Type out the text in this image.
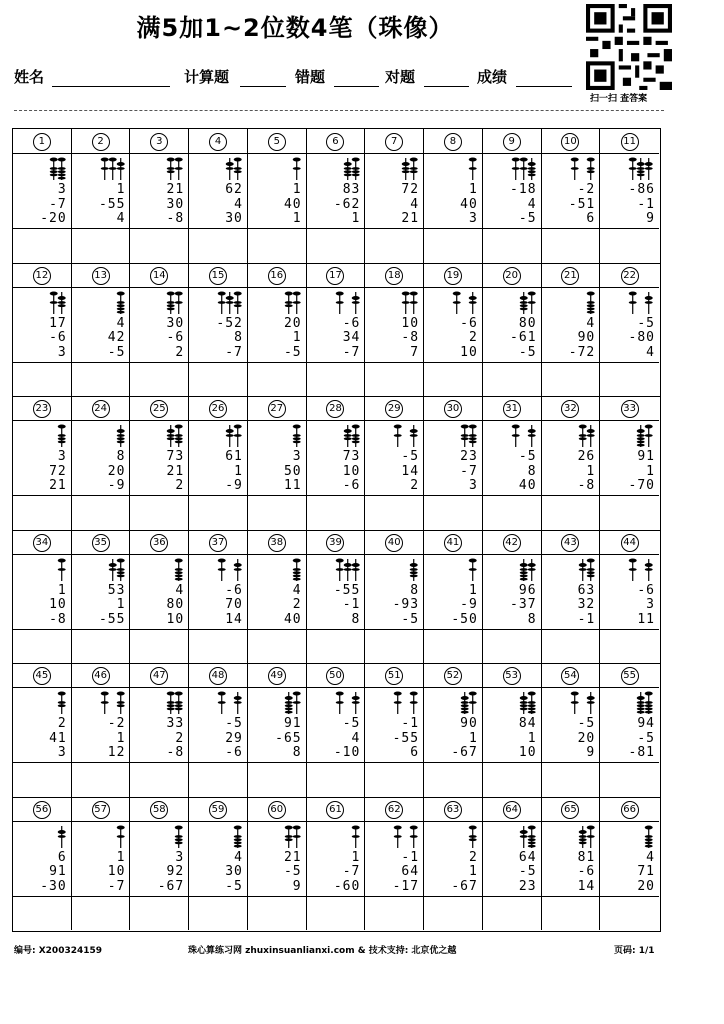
满5加1~2位数4笔（珠像）
扫一扫 查答案
姓名	计算题	错题	对题	成绩
1
3
-7
-20
2
1
-55
4
3
21
30
-8
4
62
4
30
5
1
40
1
6
83
-62
1
7
72
4
21
8
1
40
3
9
-18
4
-5
10
-2
-51
6
11
-86
-1
9
12
17
-6
3
13
4
42
-5
14
30
-6
2
15
-52
8
-7
16
20
1
-5
17
-6
34
-7
18
10
-8
7
19
-6
2
10
20
80
-61
-5
21
4
90
-72
22
-5
-80
4
23
3
72
21
24
8
20
-9
25
73
21
2
26
61
1
-9
27
3
50
11
28
73
10
-6
29
-5
14
2
30
23
-7
3
31
-5
8
40
32
26
1
-8
33
91
1
-70
34
1
10
-8
35
53
1
-55
36
4
80
10
37
-6
70
14
38
4
2
40
39
-55
-1
8
40
8
-93
-5
41
1
-9
-50
42
96
-37
8
43
63
32
-1
44
-6
3
11
45
2
41
3
46
-2
1
12
47
33
2
-8
48
-5
29
-6
49
91
-65
8
50
-5
4
-10
51
-1
-55
6
52
90
1
-67
53
84
1
10
54
-5
20
9
55
94
-5
-81
56
6
91
-30
57
1
10
-7
58
3
92
-67
59
4
30
-5
60
21
-5
9
61
1
-7
-60
62
-1
64
-17
63
2
1
-67
64
64
-5
23
65
81
-6
14
66
4
71
20
编号: X200324159	珠心算练习网 zhuxinsuanlianxi.com & 技术支持: 北京优之越	页码: 1/1
